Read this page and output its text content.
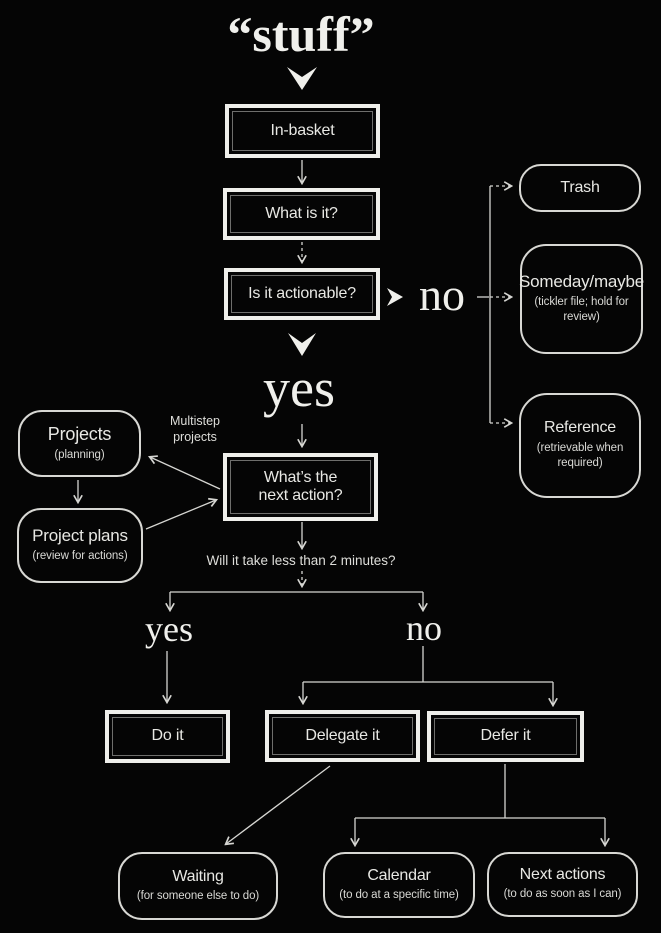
“stuff”
no
yes
yes	no
Multistep projects
Will it take less than 2 minutes?
In-basket
What is it?
Is it actionable?
What’s the next action?
Do it	Delegate it	Defer it
Trash
Someday/maybe
(tickler file; hold for review)
Reference
(retrievable when required)
Projects
(planning)
Project plans
(review for actions)
Waiting
(for someone else to do)
Calendar
(to do at a specific time)
Next actions
(to do as soon as I can)
